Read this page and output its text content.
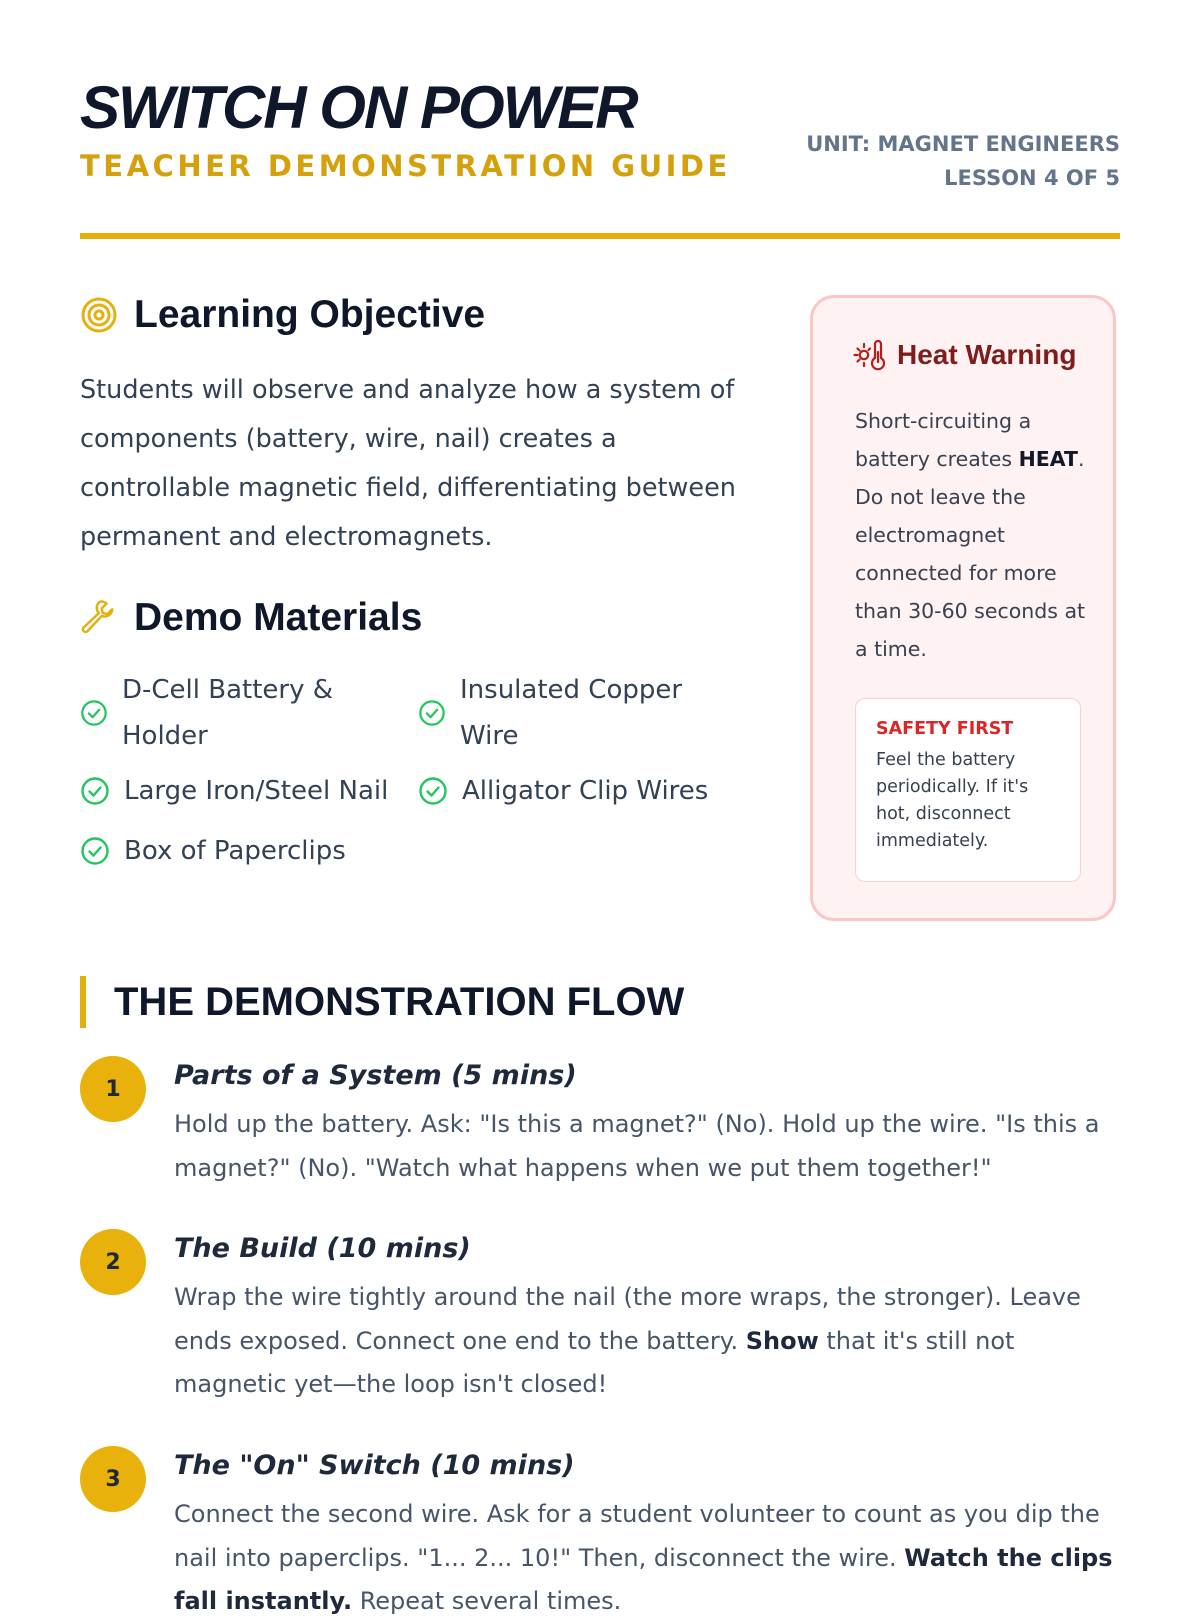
SWITCH ON POWER

TEACHER DEMONSTRATION GUIDE

UNIT: MAGNET ENGINEERS
LESSON 4 OF 5
Learning Objective

Students will observe and analyze how a system of components (battery, wire, nail) creates a controllable magnetic field, differentiating between permanent and electromagnets.

Demo Materials
D-Cell Battery & Holder
Insulated Copper Wire
Large Iron/Steel Nail	Alligator Clip Wires
Box of Paperclips
Heat Warning

Short-circuiting a battery creates HEAT. Do not leave the electromagnet connected for more than 30-60 seconds at a time.

SAFETY FIRST

Feel the battery periodically. If it's hot, disconnect immediately.

THE DEMONSTRATION FLOW
1	Parts of a System (5 mins)

Hold up the battery. Ask: "Is this a magnet?" (No). Hold up the wire. "Is this a magnet?" (No). "Watch what happens when we put them together!"

2	The Build (10 mins)

Wrap the wire tightly around the nail (the more wraps, the stronger). Leave ends exposed. Connect one end to the battery. Show that it's still not magnetic yet—the loop isn't closed!

3	The "On" Switch (10 mins)

Connect the second wire. Ask for a student volunteer to count as you dip the nail into paperclips. "1... 2... 10!" Then, disconnect the wire. Watch the clips fall instantly. Repeat several times.
